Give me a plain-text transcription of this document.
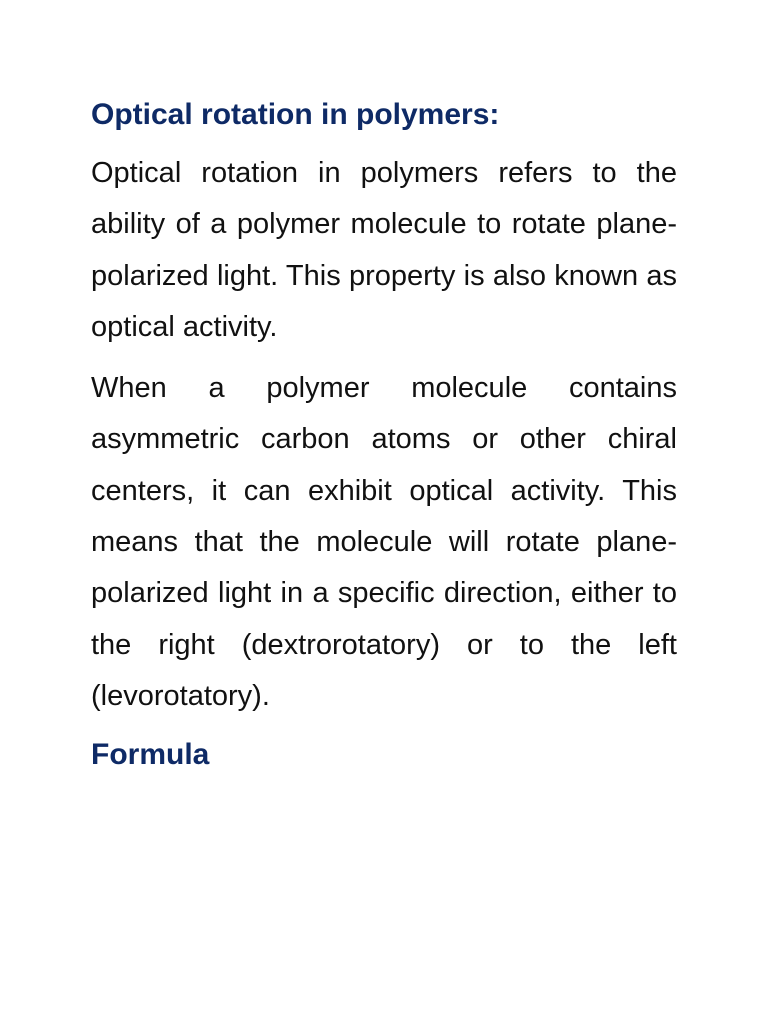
Optical rotation in polymers:

Optical rotation in polymers refers to the ability of a polymer molecule to rotate plane-polarized light. This property is also known as optical activity.

When a polymer molecule contains asymmetric carbon atoms or other chiral centers, it can exhibit optical activity. This means that the molecule will rotate plane-polarized light in a specific direction, either to the right (dextrorotatory) or to the left (levorotatory).

Formula
